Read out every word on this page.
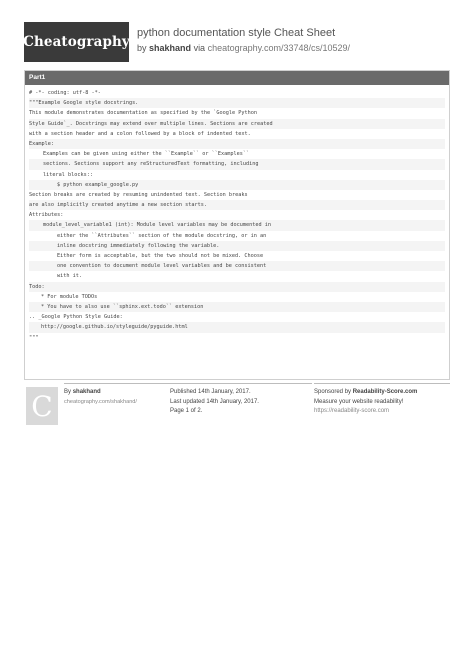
Cheatography
python documentation style Cheat Sheet
by shakhand via cheatography.com/33748/cs/10529/
Part1
# -*- coding: utf-8 -*-
"""Example Google style docstrings.
This module demonstrates documentation as specified by the `Google Python
Style Guide`_. Docstrings may extend over multiple lines. Sections are created
with a section header and a colon followed by a block of indented text.
Example:
Examples can be given using either the ``Example`` or ``Examples``
sections. Sections support any reStructuredText formatting, including
literal blocks::
$ python example_google.py
Section breaks are created by resuming unindented text. Section breaks
are also implicitly created anytime a new section starts.
Attributes:
module_level_variable1 (int): Module level variables may be documented in
either the ``Attributes`` section of the module docstring, or in an
inline docstring immediately following the variable.
Either form is acceptable, but the two should not be mixed. Choose
one convention to document module level variables and be consistent
with it.
Todo:
* For module TODOs
* You have to also use ``sphinx.ext.todo`` extension
.. _Google Python Style Guide:
http://google.github.io/styleguide/pyguide.html
"""
C By shakhand
cheatography.com/shakhand/
Published 14th January, 2017.
Last updated 14th January, 2017.
Page 1 of 2.
Sponsored by Readability-Score.com
Measure your website readability!
https://readability-score.com
